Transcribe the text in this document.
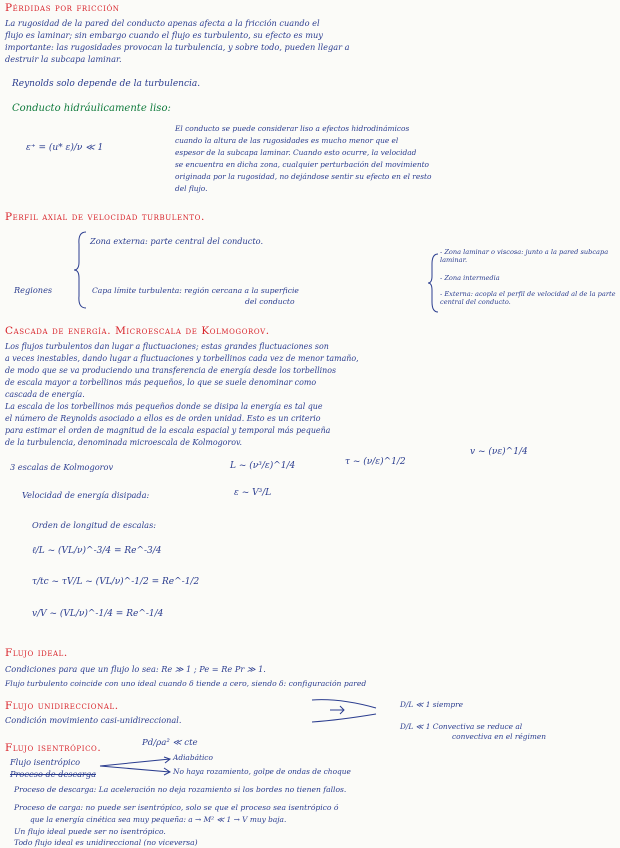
Pérdidas por fricción
La rugosidad de la pared del conducto apenas afecta a la fricción cuando el
flujo es laminar; sin embargo cuando el flujo es turbulento, su efecto es muy
importante: las rugosidades provocan la turbulencia, y sobre todo, pueden llegar a
destruir la subcapa laminar.
Reynolds solo depende de la turbulencia.
Conducto hidráulicamente liso:
ε⁺ = (u* ε)/ν ≪ 1
El conducto se puede considerar liso a efectos hidrodinámicos
cuando la altura de las rugosidades es mucho menor que el
espesor de la subcapa laminar. Cuando esto ocurre, la velocidad
se encuentra en dicha zona, cualquier perturbación del movimiento
originada por la rugosidad, no dejándose sentir su efecto en el resto
del flujo.
Perfil axial de velocidad turbulento.
Regiones
Zona externa: parte central del conducto.
Capa límite turbulenta: región cercana a la superficie
del conducto
- Zona laminar o viscosa: junto a la pared subcapa laminar.
- Zona intermedia
- Externa: acopla el perfil de velocidad al de la parte central del conducto.
Cascada de energía. Microescala de Kolmogorov.
Los flujos turbulentos dan lugar a fluctuaciones; estas grandes fluctuaciones son
a veces inestables, dando lugar a fluctuaciones y torbellinos cada vez de menor tamaño,
de modo que se va produciendo una transferencia de energía desde los torbellinos
de escala mayor a torbellinos más pequeños, lo que se suele denominar como
cascada de energía.
La escala de los torbellinos más pequeños donde se disipa la energía es tal que
el número de Reynolds asociado a ellos es de orden unidad. Esto es un criterio
para estimar el orden de magnitud de la escala espacial y temporal más pequeña
de la turbulencia, denominada microescala de Kolmogorov.
3 escalas de Kolmogorov	L ~ (ν³/ε)^1/4	τ ~ (ν/ε)^1/2
v ~ (νε)^1/4
Velocidad de energía disipada:	ε ~ V³/L
Orden de longitud de escalas:
ℓ/L ~ (VL/ν)^-3/4 = Re^-3/4
τ/tc ~ τV/L ~ (VL/ν)^-1/2 = Re^-1/2
v/V ~ (VL/ν)^-1/4 = Re^-1/4
Flujo ideal.
Condiciones para que un flujo lo sea: Re ≫ 1 ; Pe = Re Pr ≫ 1.
Flujo turbulento coincide con uno ideal cuando δ tiende a cero, siendo δ: configuración pared
Flujo unidireccional.
Condición movimiento casi-unidireccional.
D/L ≪ 1 siempre
D/L ≪ 1 Convectiva se reduce al
convectiva en el régimen
Flujo isentrópico.	Pd/ρa² ≪ cte
Flujo isentrópico
Proceso de descarga
Adiabático
No haya rozamiento, golpe de ondas de choque
Proceso de descarga: La aceleración no deja rozamiento si los bordes no tienen fallos.
Proceso de carga: no puede ser isentrópico, solo se que el proceso sea isentrópico ó
que la energía cinética sea muy pequeña: a → M² ≪ 1 → V muy baja.
Un flujo ideal puede ser no isentrópico.
Todo flujo ideal es unidireccional (no viceversa)
